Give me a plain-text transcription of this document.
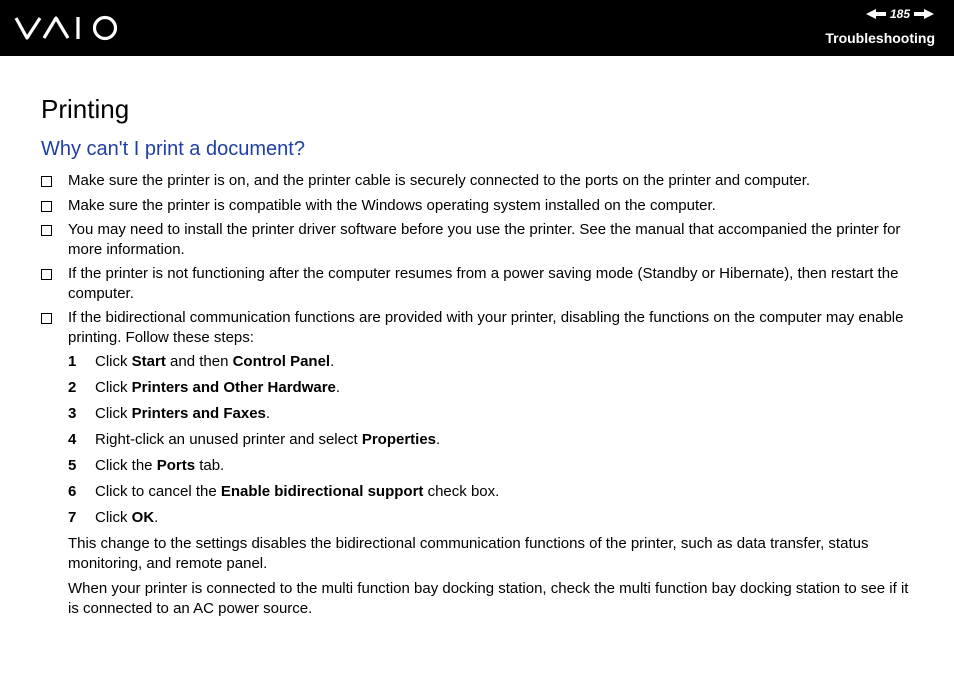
185
Troubleshooting
Printing
Why can't I print a document?
Make sure the printer is on, and the printer cable is securely connected to the ports on the printer and computer.
Make sure the printer is compatible with the Windows operating system installed on the computer.
You may need to install the printer driver software before you use the printer. See the manual that accompanied the printer for more information.
If the printer is not functioning after the computer resumes from a power saving mode (Standby or Hibernate), then restart the computer.
If the bidirectional communication functions are provided with your printer, disabling the functions on the computer may enable printing. Follow these steps:
1	Click Start and then Control Panel.
2	Click Printers and Other Hardware.
3	Click Printers and Faxes.
4	Right-click an unused printer and select Properties.
5	Click the Ports tab.
6	Click to cancel the Enable bidirectional support check box.
7	Click OK.

This change to the settings disables the bidirectional communication functions of the printer, such as data transfer, status monitoring, and remote panel.

When your printer is connected to the multi function bay docking station, check the multi function bay docking station to see if it is connected to an AC power source.
